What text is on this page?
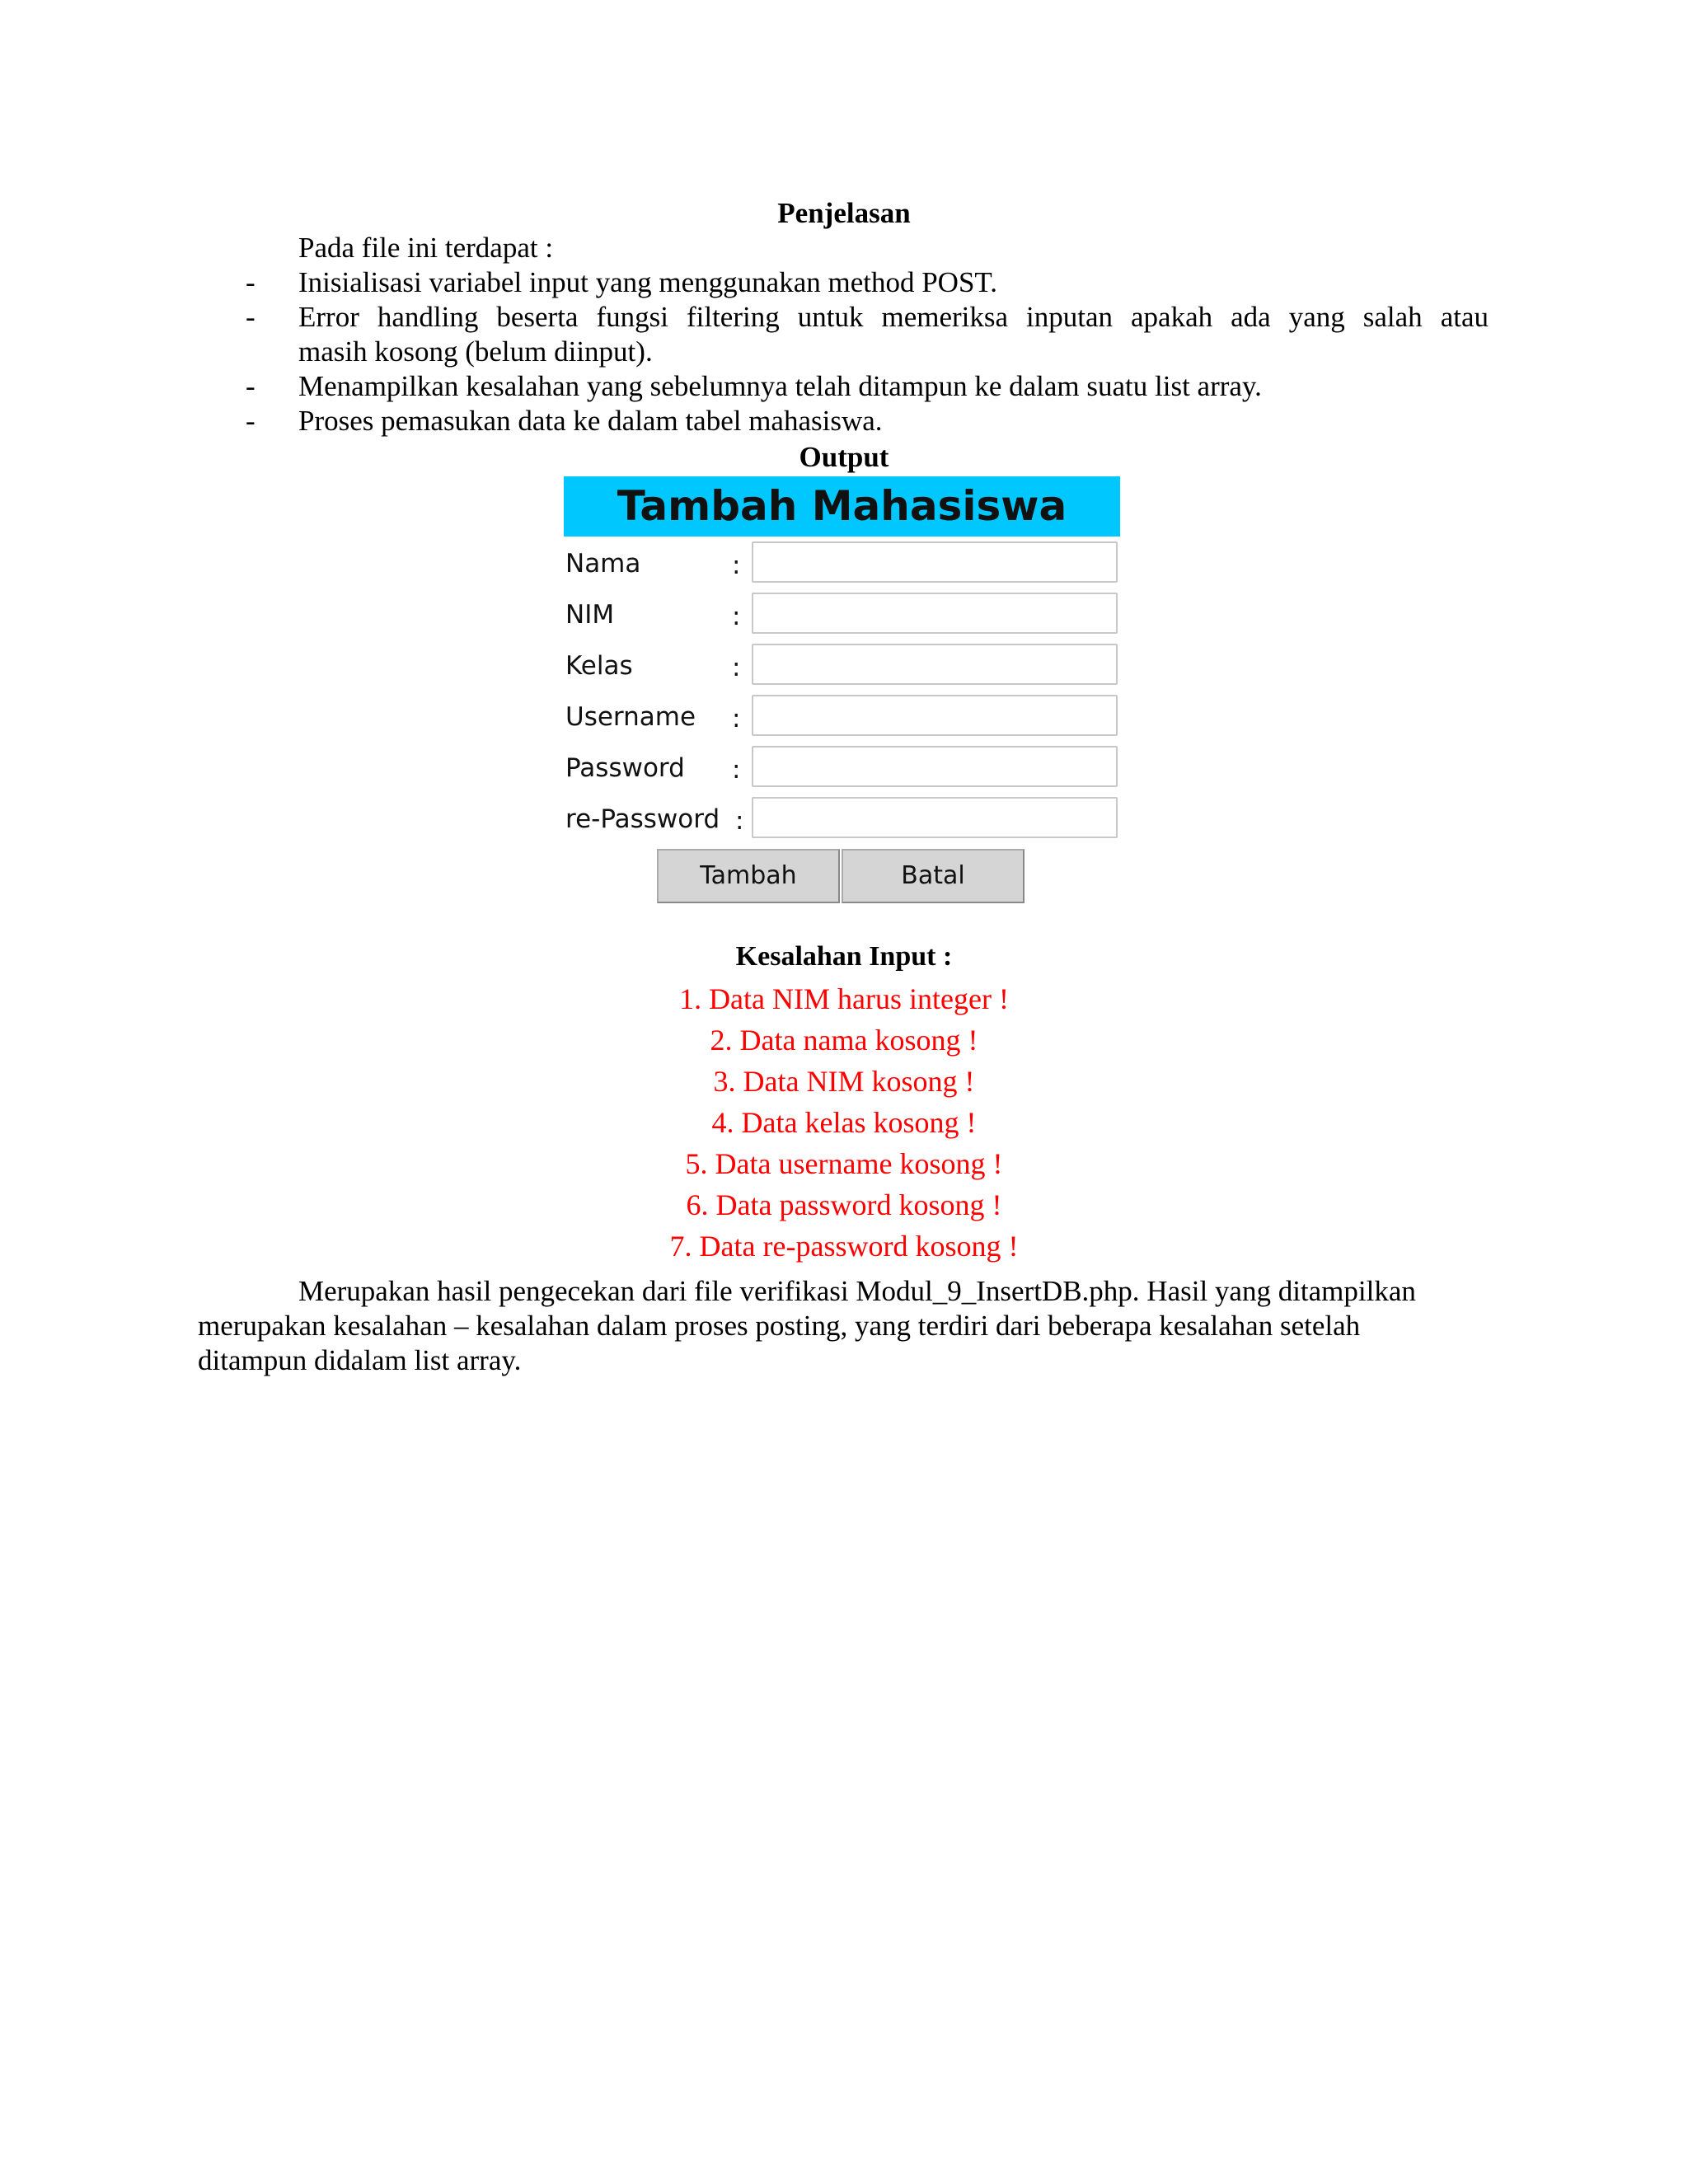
Penjelasan
Pada file ini terdapat :
- Inisialisasi variabel input yang menggunakan method POST.
- Error handling beserta fungsi filtering untuk memeriksa inputan apakah ada yang salah atau
masih kosong (belum diinput).
- Menampilkan kesalahan yang sebelumnya telah ditampun ke dalam suatu list array.
- Proses pemasukan data ke dalam tabel mahasiswa.
Output
Tambah Mahasiswa
Nama	:
NIM	:
Kelas	:
Username :
Password :
re-Password :
Tambah	Batal
Kesalahan Input :
1. Data NIM harus integer !
2. Data nama kosong !
3. Data NIM kosong !
4. Data kelas kosong !
5. Data username kosong !
6. Data password kosong !
7. Data re-password kosong !
Merupakan hasil pengecekan dari file verifikasi Modul_9_InsertDB.php. Hasil yang ditampilkan
merupakan kesalahan – kesalahan dalam proses posting, yang terdiri dari beberapa kesalahan setelah
ditampun didalam list array.
